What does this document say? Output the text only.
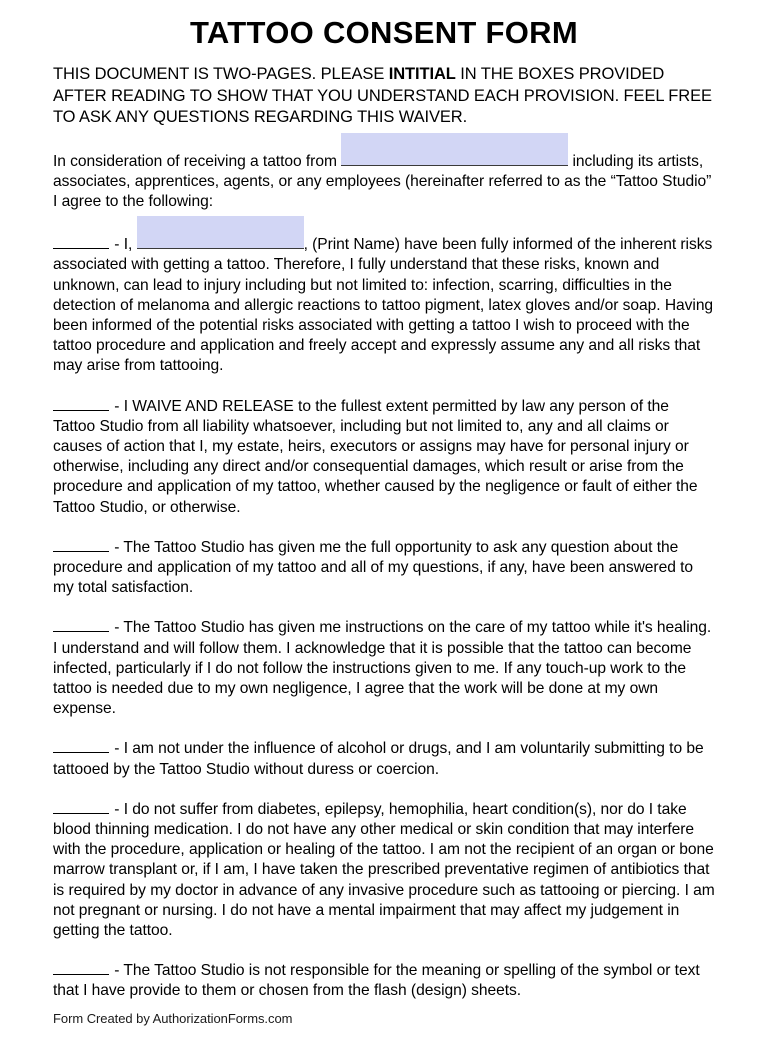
TATTOO CONSENT FORM

THIS DOCUMENT IS TWO-PAGES. PLEASE INTITIAL IN THE BOXES PROVIDED AFTER READING TO SHOW THAT YOU UNDERSTAND EACH PROVISION. FEEL FREE TO ASK ANY QUESTIONS REGARDING THIS WAIVER.

In consideration of receiving a tattoo from	including its artists, associates, apprentices, agents, or any employees (hereinafter referred to as the “Tattoo Studio” I agree to the following:

- I,	, (Print Name) have been fully informed of the inherent risks associated with getting a tattoo. Therefore, I fully understand that these risks, known and unknown, can lead to injury including but not limited to: infection, scarring, difficulties in the detection of melanoma and allergic reactions to tattoo pigment, latex gloves and/or soap. Having been informed of the potential risks associated with getting a tattoo I wish to proceed with the tattoo procedure and application and freely accept and expressly assume any and all risks that may arise from tattooing.

- I WAIVE AND RELEASE to the fullest extent permitted by law any person of the Tattoo Studio from all liability whatsoever, including but not limited to, any and all claims or causes of action that I, my estate, heirs, executors or assigns may have for personal injury or otherwise, including any direct and/or consequential damages, which result or arise from the procedure and application of my tattoo, whether caused by the negligence or fault of either the Tattoo Studio, or otherwise.

- The Tattoo Studio has given me the full opportunity to ask any question about the procedure and application of my tattoo and all of my questions, if any, have been answered to my total satisfaction.

- The Tattoo Studio has given me instructions on the care of my tattoo while it's healing. I understand and will follow them. I acknowledge that it is possible that the tattoo can become infected, particularly if I do not follow the instructions given to me. If any touch-up work to the tattoo is needed due to my own negligence, I agree that the work will be done at my own expense.

- I am not under the influence of alcohol or drugs, and I am voluntarily submitting to be tattooed by the Tattoo Studio without duress or coercion.

- I do not suffer from diabetes, epilepsy, hemophilia, heart condition(s), nor do I take blood thinning medication. I do not have any other medical or skin condition that may interfere with the procedure, application or healing of the tattoo. I am not the recipient of an organ or bone marrow transplant or, if I am, I have taken the prescribed preventative regimen of antibiotics that is required by my doctor in advance of any invasive procedure such as tattooing or piercing. I am not pregnant or nursing. I do not have a mental impairment that may affect my judgement in getting the tattoo.

- The Tattoo Studio is not responsible for the meaning or spelling of the symbol or text that I have provide to them or chosen from the flash (design) sheets.

Form Created by AuthorizationForms.com
